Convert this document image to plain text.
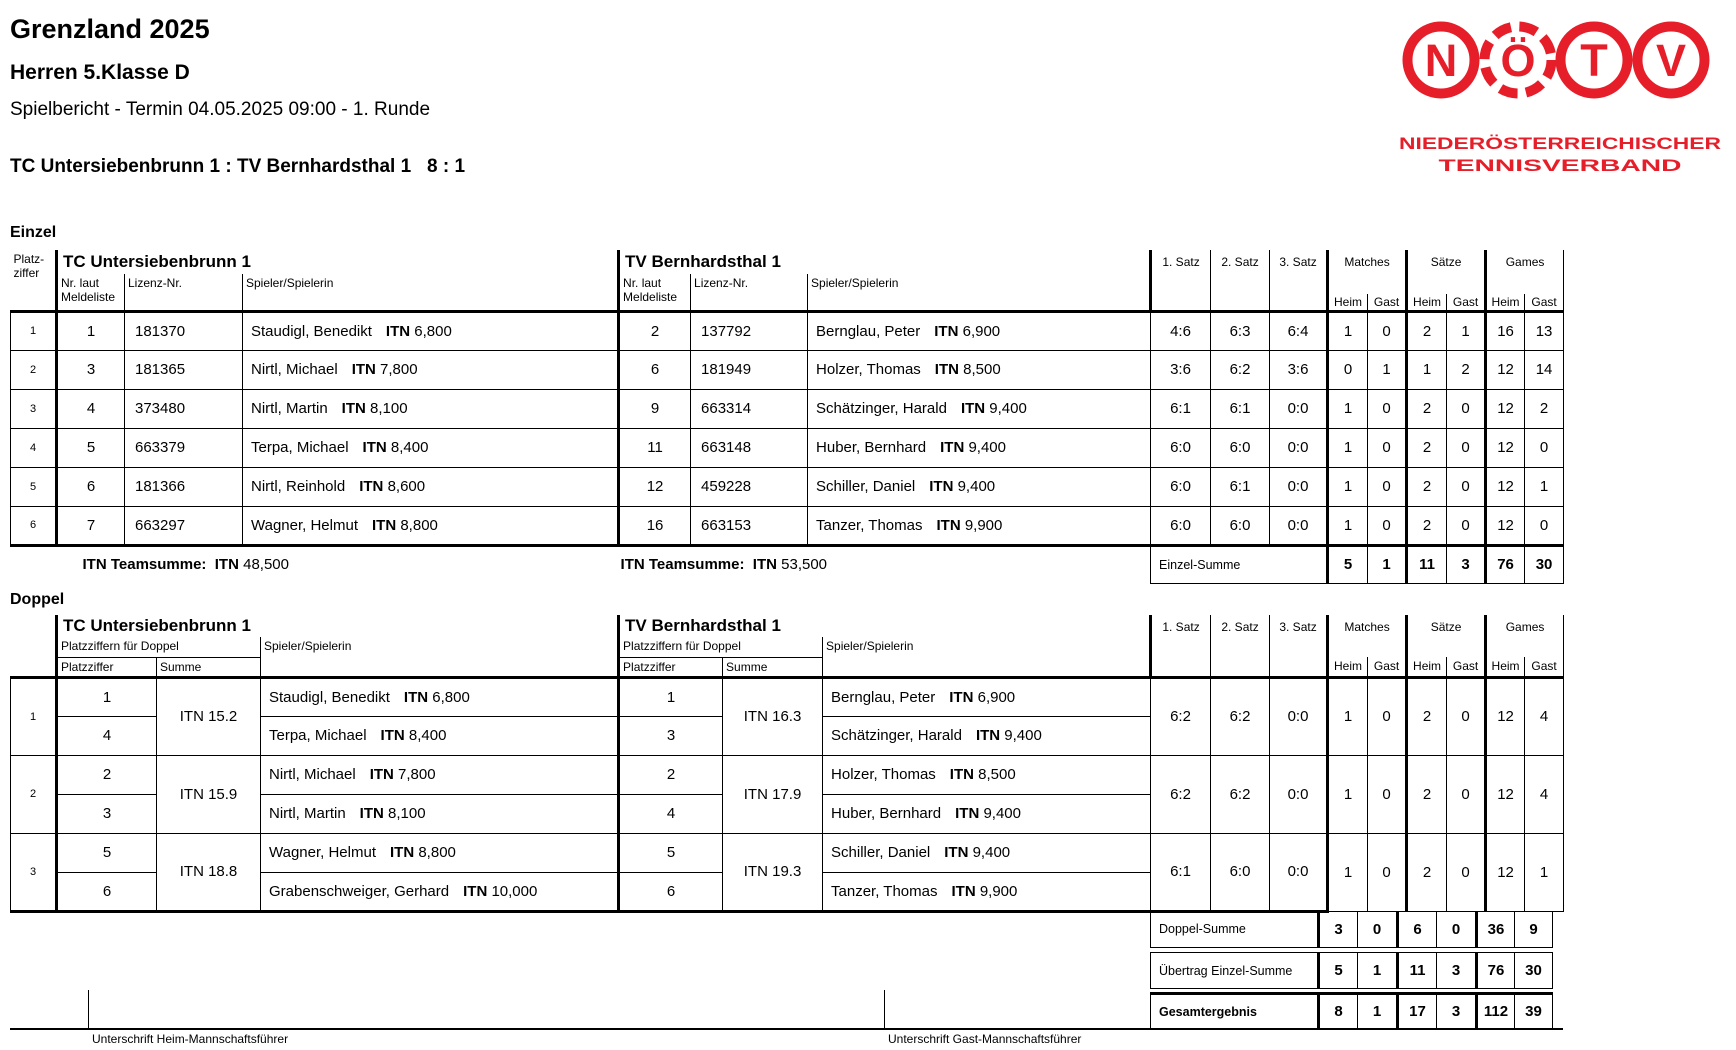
Grenzland 2025
Herren 5.Klasse D
Spielbericht - Termin 04.05.2025 09:00 - 1. Runde
TC Untersiebenbrunn 1 : TV Bernhardsthal 1   8 : 1
N Ö T V
NIEDERÖSTERREICHISCHER
TENNISVERBAND
Einzel
Platz-
ziffer	TC Untersiebenbrunn 1			TV Bernhardsthal 1			1. Satz	2. Satz	3. Satz	Matches		Sätze		Games	

Nr. laut
Meldeliste
	Lizenz-Nr.	Spieler/Spielerin	Nr. laut
Meldeliste
	Lizenz-Nr.	Spieler/Spielerin
										Heim	Gast	Heim	Gast	Heim	Gast
1	1	181370	Staudigl, Benedikt ITN 6,800	2	137792	Bernglau, Peter ITN 6,900	4:6	6:3	6:4	1	0	2	1	16	13
2	3	181365	Nirtl, Michael ITN 7,800	6	181949	Holzer, Thomas ITN 8,500	3:6	6:2	3:6	0	1	1	2	12	14
3	4	373480	Nirtl, Martin ITN 8,100	9	663314	Schätzinger, Harald ITN 9,400	6:1	6:1	0:0	1	0	2	0	12	2
4	5	663379	Terpa, Michael ITN 8,400	11	663148	Huber, Bernhard ITN 9,400	6:0	6:0	0:0	1	0	2	0	12	0
5	6	181366	Nirtl, Reinhold ITN 8,600	12	459228	Schiller, Daniel ITN 9,400	6:0	6:1	0:0	1	0	2	0	12	1
6	7	663297	Wagner, Helmut ITN 8,800	16	663153	Tanzer, Thomas ITN 9,900	6:0	6:0	0:0	1	0	2	0	12	0
	ITN Teamsumme: ITN 48,500			ITN Teamsumme: ITN 53,500			Einzel-Summe			5	1	11	3	76	30
Doppel
	TC Untersiebenbrunn 1			TV Bernhardsthal 1			1. Satz	2. Satz	3. Satz	Matches		Sätze		Games	
	Platzziffern für Doppel		Spieler/Spielerin	Platzziffern für Doppel		Spieler/Spielerin									
	Platzziffer	Summe		Platzziffer	Summe					Heim	Gast	Heim	Gast	Heim	Gast
1	1	ITN 15.2	Staudigl, Benedikt ITN 6,800	1	ITN 16.3	Bernglau, Peter ITN 6,900	6:2	6:2	0:0	1	0	2	0	12	4
	4		Terpa, Michael ITN 8,400	3		Schätzinger, Harald ITN 9,400									
2	2	ITN 15.9	Nirtl, Michael ITN 7,800	2	ITN 17.9	Holzer, Thomas ITN 8,500	6:2	6:2	0:0	1	0	2	0	12	4
	3		Nirtl, Martin ITN 8,100	4		Huber, Bernhard ITN 9,400									
3	5	ITN 18.8	Wagner, Helmut ITN 8,800	5	ITN 19.3	Schiller, Daniel ITN 9,400	6:1	6:0	0:0	1	0	2	0	12	1
	6		Grabenschweiger, Gerhard ITN 10,000	6		Tanzer, Thomas ITN 9,900									
Doppel-Summe	3	0	6	0	36	9
Übertrag Einzel-Summe	5	1	11	3	76	30
Gesamtergebnis	8	1	17	3	112	39
Unterschrift Heim-Mannschaftsführer	Unterschrift Gast-Mannschaftsführer
